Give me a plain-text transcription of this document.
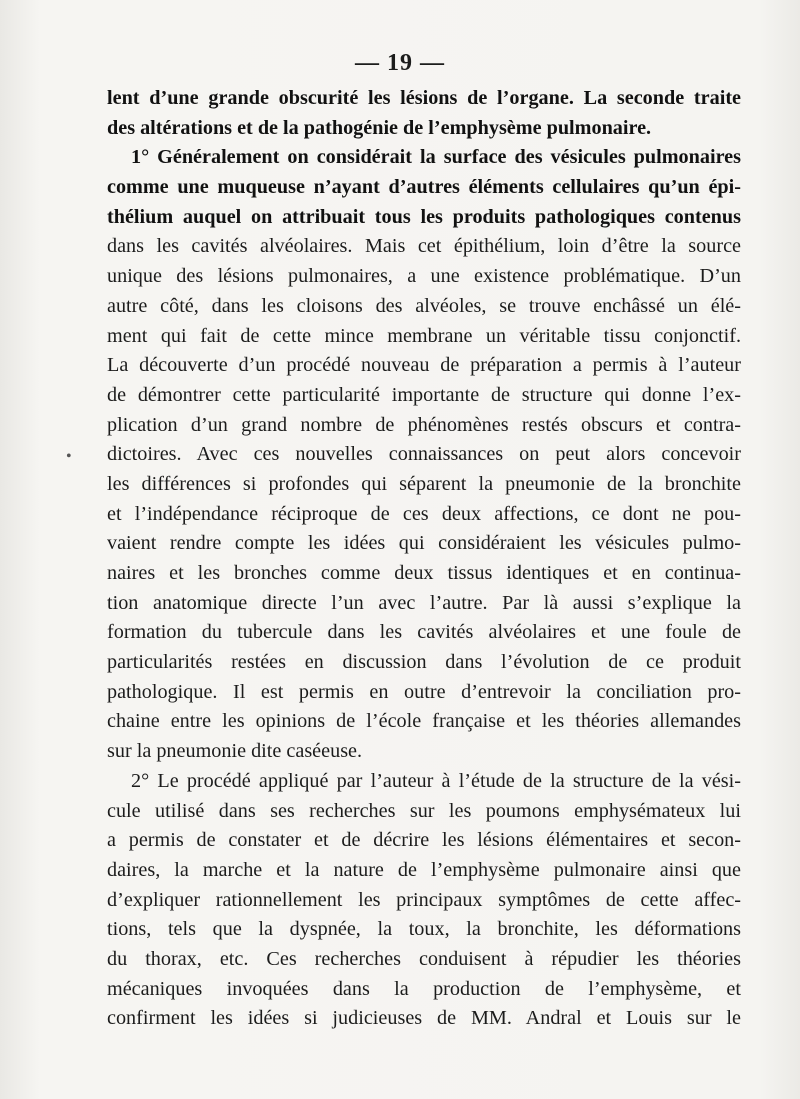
— 19 —
lent d’une grande obscurité les lésions de l’organe. La seconde traite
des altérations et de la pathogénie de l’emphysème pulmonaire.
1° Généralement on considérait la surface des vésicules pulmonaires
comme une muqueuse n’ayant d’autres éléments cellulaires qu’un épi-
thélium auquel on attribuait tous les produits pathologiques contenus
dans les cavités alvéolaires. Mais cet épithélium, loin d’être la source
unique des lésions pulmonaires, a une existence problématique. D’un
autre côté, dans les cloisons des alvéoles, se trouve enchâssé un élé-
ment qui fait de cette mince membrane un véritable tissu conjonctif.
La découverte d’un procédé nouveau de préparation a permis à l’auteur
de démontrer cette particularité importante de structure qui donne l’ex-
plication d’un grand nombre de phénomènes restés obscurs et contra-
dictoires. Avec ces nouvelles connaissances on peut alors concevoir
les différences si profondes qui séparent la pneumonie de la bronchite
et l’indépendance réciproque de ces deux affections, ce dont ne pou-
vaient rendre compte les idées qui considéraient les vésicules pulmo-
naires et les bronches comme deux tissus identiques et en continua-
tion anatomique directe l’un avec l’autre. Par là aussi s’explique la
formation du tubercule dans les cavités alvéolaires et une foule de
particularités restées en discussion dans l’évolution de ce produit
pathologique. Il est permis en outre d’entrevoir la conciliation pro-
chaine entre les opinions de l’école française et les théories allemandes
sur la pneumonie dite caséeuse.
2° Le procédé appliqué par l’auteur à l’étude de la structure de la vési-
cule utilisé dans ses recherches sur les poumons emphysémateux lui
a permis de constater et de décrire les lésions élémentaires et secon-
daires, la marche et la nature de l’emphysème pulmonaire ainsi que
d’expliquer rationnellement les principaux symptômes de cette affec-
tions, tels que la dyspnée, la toux, la bronchite, les déformations
du thorax, etc. Ces recherches conduisent à répudier les théories
mécaniques invoquées dans la production de l’emphysème, et
confirment les idées si judicieuses de MM. Andral et Louis sur le
•
